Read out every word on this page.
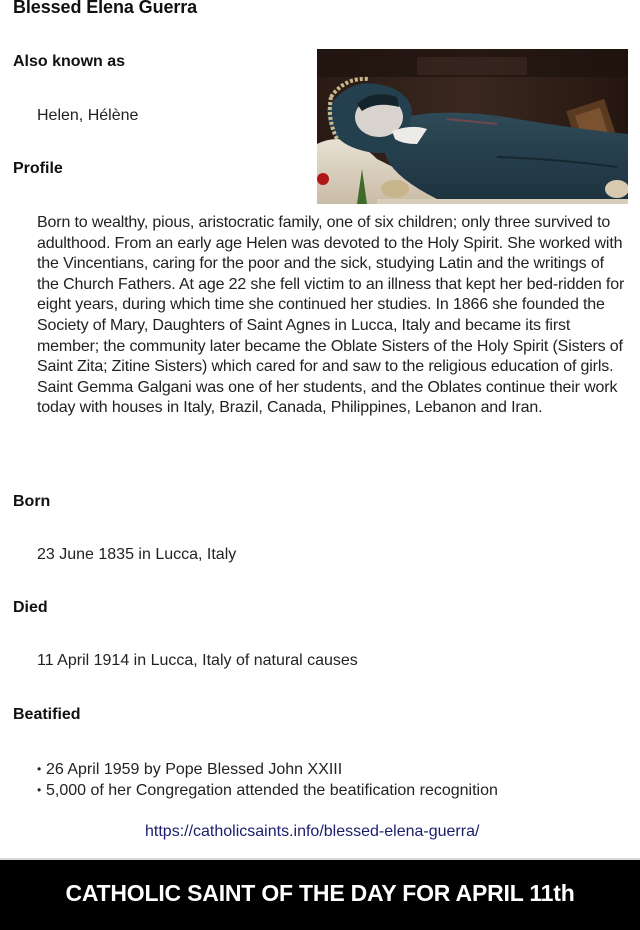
Blessed Elena Guerra
Also known as
Helen, Hélène
Profile
Born to wealthy, pious, aristocratic family, one of six children; only three survived to adulthood. From an early age Helen was devoted to the Holy Spirit. She worked with the Vincentians, caring for the poor and the sick, studying Latin and the writings of the Church Fathers. At age 22 she fell victim to an illness that kept her bed-ridden for eight years, during which time she continued her studies. In 1866 she founded the Society of Mary, Daughters of Saint Agnes in Lucca, Italy and became its first member; the community later became the Oblate Sisters of the Holy Spirit (Sisters of Saint Zita; Zitine Sisters) which cared for and saw to the religious education of girls. Saint Gemma Galgani was one of her students, and the Oblates continue their work today with houses in Italy, Brazil, Canada, Philippines, Lebanon and Iran.
Born
23 June 1835 in Lucca, Italy
Died
11 April 1914 in Lucca, Italy of natural causes
Beatified
• 26 April 1959 by Pope Blessed John XXIII
• 5,000 of her Congregation attended the beatification recognition
https://catholicsaints.info/blessed-elena-guerra/
CATHOLIC SAINT OF THE DAY FOR APRIL 11th
